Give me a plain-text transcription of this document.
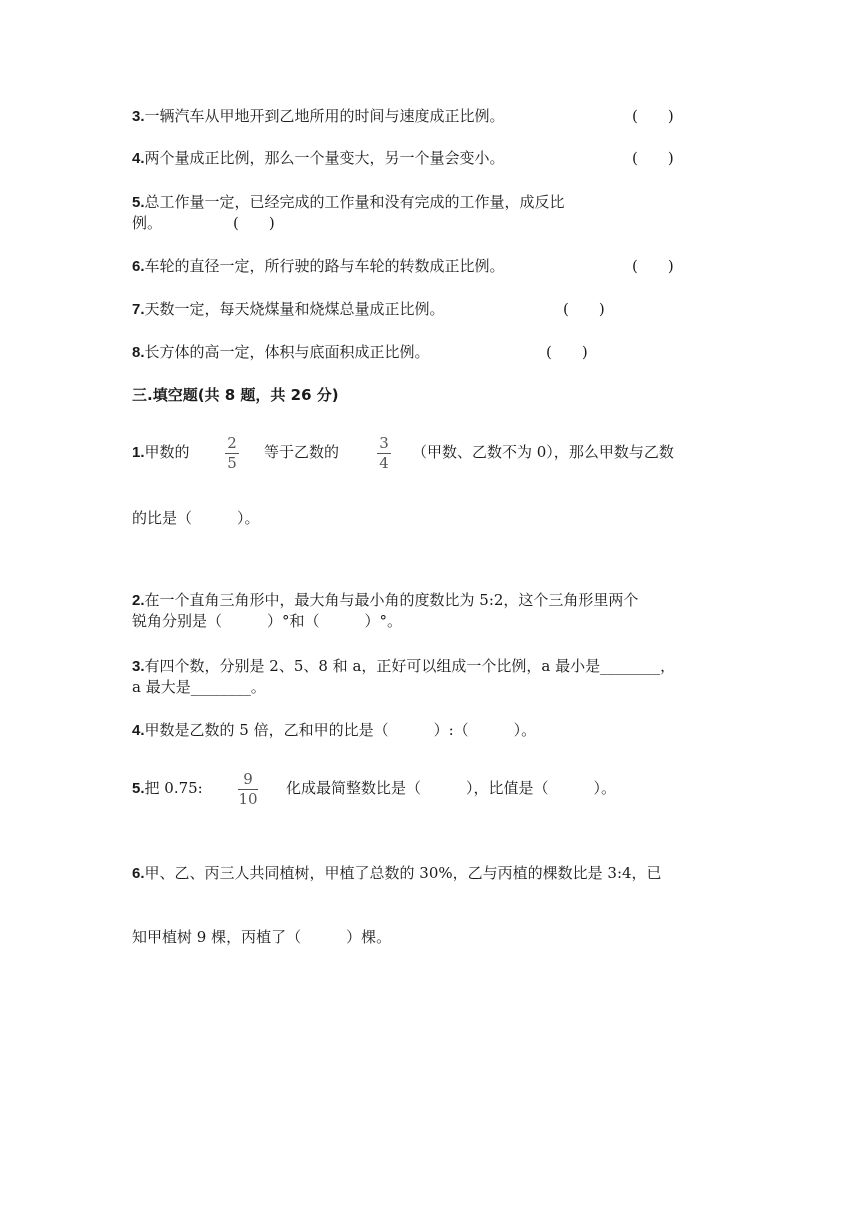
3.一辆汽车从甲地开到乙地所用的时间与速度成正比例。	(　　)
4.两个量成正比例，那么一个量变大，另一个量会变小。	(　　)
5.总工作量一定，已经完成的工作量和没有完成的工作量，成反比
例。	(　　)
6.车轮的直径一定，所行驶的路与车轮的转数成正比例。	(　　)
7.天数一定，每天烧煤量和烧煤总量成正比例。	(　　)
8.长方体的高一定，体积与底面积成正比例。	(　　)
三.填空题(共 8 题，共 26 分)
1.甲数的	2
5
等于乙数的	3
4
（甲数、乙数不为 0），那么甲数与乙数
的比是（　　　）。
2.在一个直角三角形中，最大角与最小角的度数比为 5:2，这个三角形里两个
锐角分别是（　　　）°和（　　　）°。
3.有四个数，分别是 2、5、8 和 a，正好可以组成一个比例，a 最小是________，
a 最大是________。
4.甲数是乙数的 5 倍，乙和甲的比是（　　　）:（　　　）。
5.把 0.75:	9
10
化成最简整数比是（　　　），比值是（　　　）。
6.甲、乙、丙三人共同植树，甲植了总数的 30%，乙与丙植的棵数比是 3:4，已
知甲植树 9 棵，丙植了（　　　）棵。
